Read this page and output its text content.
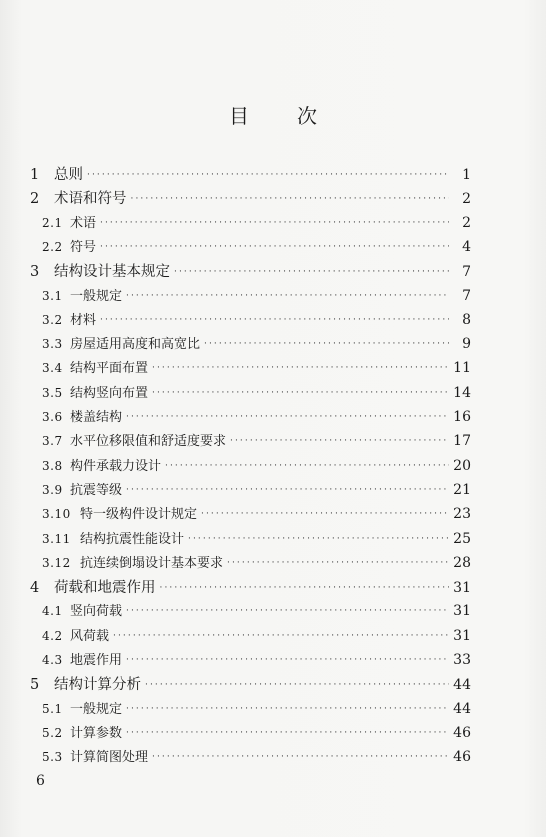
目 次
1	总则 ·····	1
2	术语和符号 ·····	2
2.1 术语 ·····	2
2.2 符号 ·····	4
3	结构设计基本规定 ·····	7
3.1 一般规定 ·····	7
3.2 材料 ·····	8
3.3 房屋适用高度和高宽比 ·····	9
3.4 结构平面布置 ·····	11
3.5 结构竖向布置 ·····	14
3.6 楼盖结构 ·····	16
3.7 水平位移限值和舒适度要求 ·····	17
3.8 构件承载力设计 ·····	20
3.9 抗震等级 ·····	21
3.10 特一级构件设计规定 ·····	23
3.11 结构抗震性能设计 ·····	25
3.12 抗连续倒塌设计基本要求 ·····	28
4	荷载和地震作用 ·····	31
4.1 竖向荷载 ·····	31
4.2 风荷载 ·····	31
4.3 地震作用 ·····	33
5	结构计算分析 ·····	44
5.1 一般规定 ·····	44
5.2 计算参数 ·····	46
5.3 计算简图处理 ·····	46
6
